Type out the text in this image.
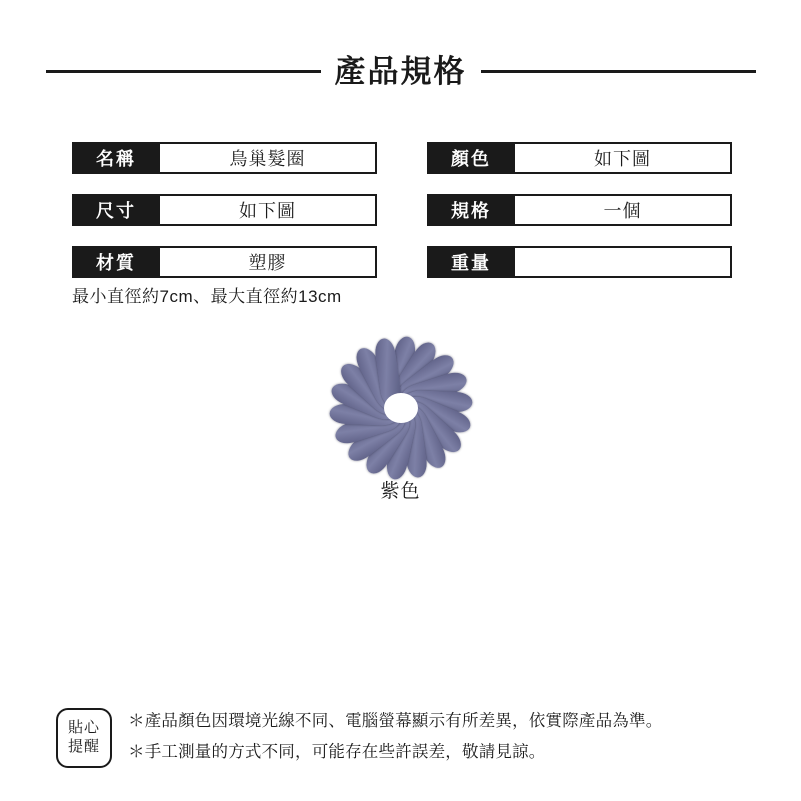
產品規格
名稱	鳥巢髮圈	顏色	如下圖
尺寸	如下圖	規格	一個
材質	塑膠	重量
最小直徑約7cm、最大直徑約13cm
紫色
貼心
提醒
＊產品顏色因環境光線不同、電腦螢幕顯示有所差異，依實際產品為準。
＊手工測量的方式不同，可能存在些許誤差，敬請見諒。
